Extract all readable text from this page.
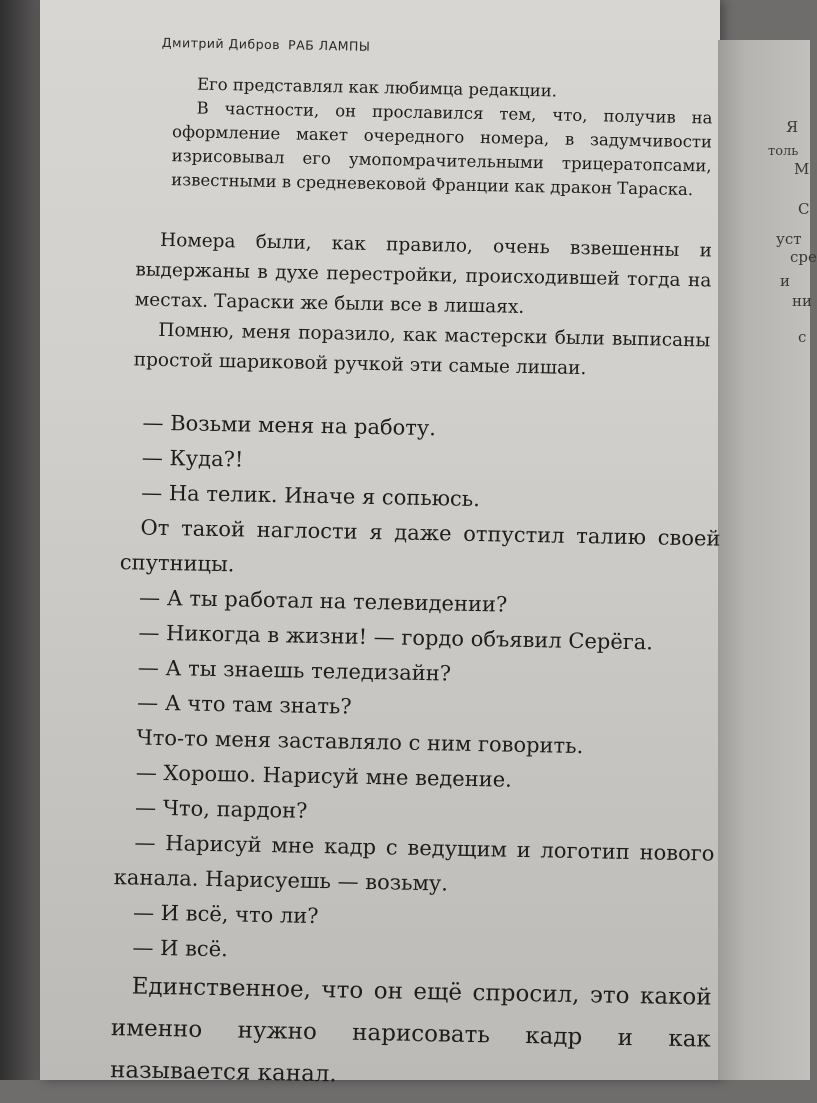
Я
толь
М
С
уст
сре
и
ни
с
Дмитрий Дибров РАБ ЛАМПЫ

Его представлял как любимца редакции.

В частности, он прославился тем, что, получив на оформление макет очередного номера, в задумчивости изрисовывал его умопомрачительными трицератопсами, известными в средневековой Франции как дракон Тараска.

Номера были, как правило, очень взвешенны и выдержаны в духе перестройки, происходившей тогда на местах. Тараски же были все в лишаях.

Помню, меня поразило, как мастерски были выписаны простой шариковой ручкой эти самые лишаи.

— Возьми меня на работу.

— Куда?!

— На телик. Иначе я сопьюсь.

От такой наглости я даже отпустил талию своей спутницы.

— А ты работал на телевидении?

— Никогда в жизни! — гордо объявил Серёга.

— А ты знаешь теледизайн?

— А что там знать?

Что-то меня заставляло с ним говорить.

— Хорошо. Нарисуй мне ведение.

— Что, пардон?

— Нарисуй мне кадр с ведущим и логотип нового канала. Нарисуешь — возьму.

— И всё, что ли?

— И всё.

Единственное, что он ещё спросил, это какой именно нужно нарисовать кадр и как называется канал.
